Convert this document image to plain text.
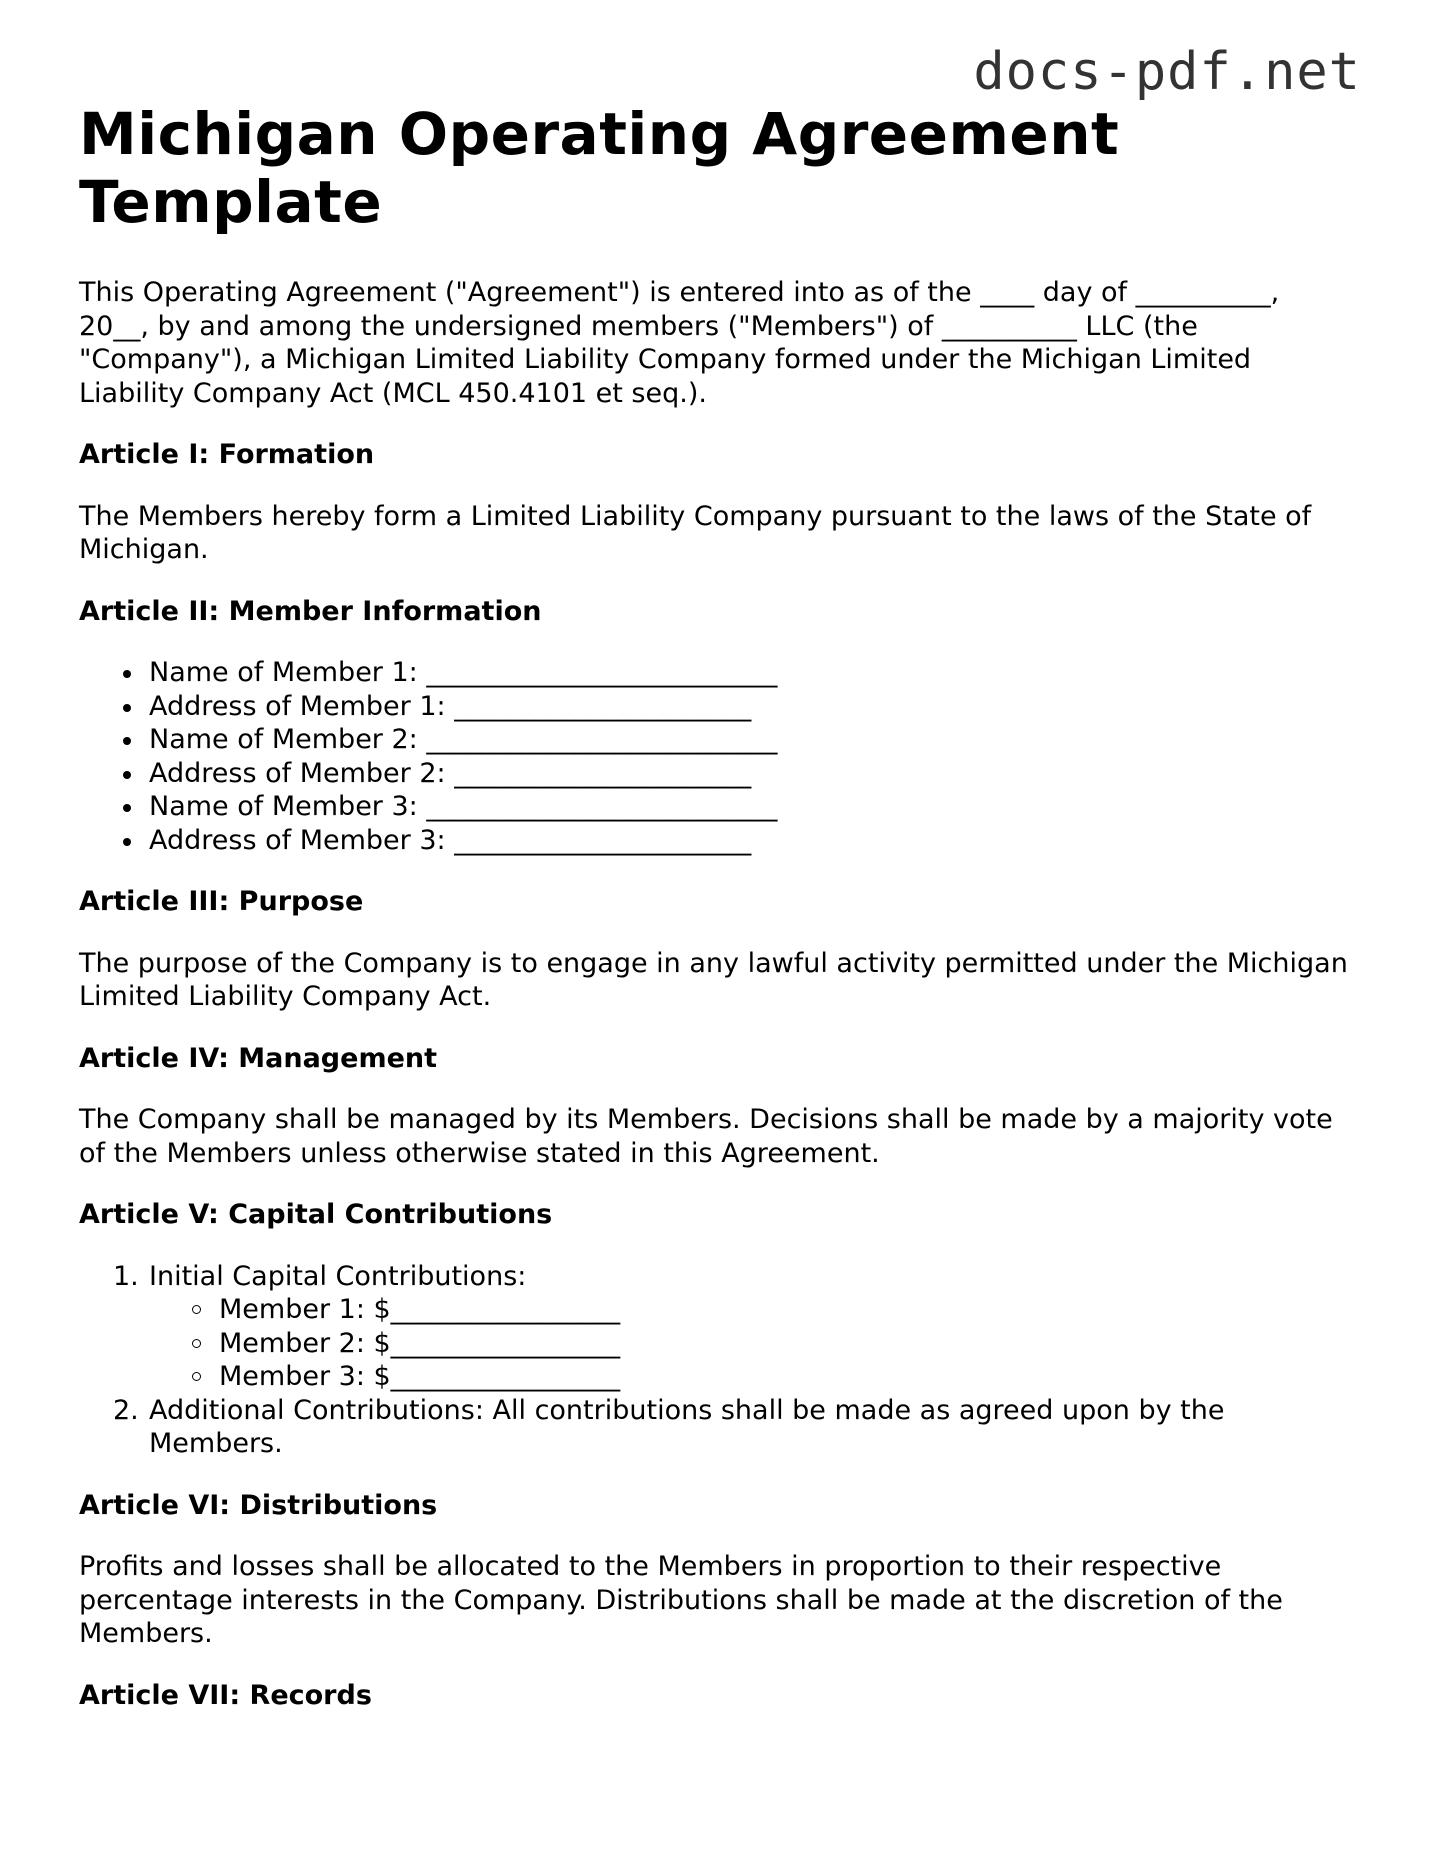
docs-pdf.net
Michigan Operating Agreement Template

This Operating Agreement ("Agreement") is entered into as of the ____ day of __________, 20__, by and among the undersigned members ("Members") of __________ LLC (the "Company"), a Michigan Limited Liability Company formed under the Michigan Limited Liability Company Act (MCL 450.4101 et seq.).

Article I: Formation

The Members hereby form a Limited Liability Company pursuant to the laws of the State of Michigan.

Article II: Member Information
Name of Member 1: __________________________
Address of Member 1: ______________________
Name of Member 2: __________________________
Address of Member 2: ______________________
Name of Member 3: __________________________
Address of Member 3: ______________________
Article III: Purpose

The purpose of the Company is to engage in any lawful activity permitted under the Michigan Limited Liability Company Act.

Article IV: Management

The Company shall be managed by its Members. Decisions shall be made by a majority vote of the Members unless otherwise stated in this Agreement.

Article V: Capital Contributions
1. Initial Capital Contributions:
Member 1: $_________________
Member 2: $_________________
Member 3: $_________________
2. Additional Contributions: All contributions shall be made as agreed upon by the Members.
Article VI: Distributions

Profits and losses shall be allocated to the Members in proportion to their respective percentage interests in the Company. Distributions shall be made at the discretion of the Members.

Article VII: Records
